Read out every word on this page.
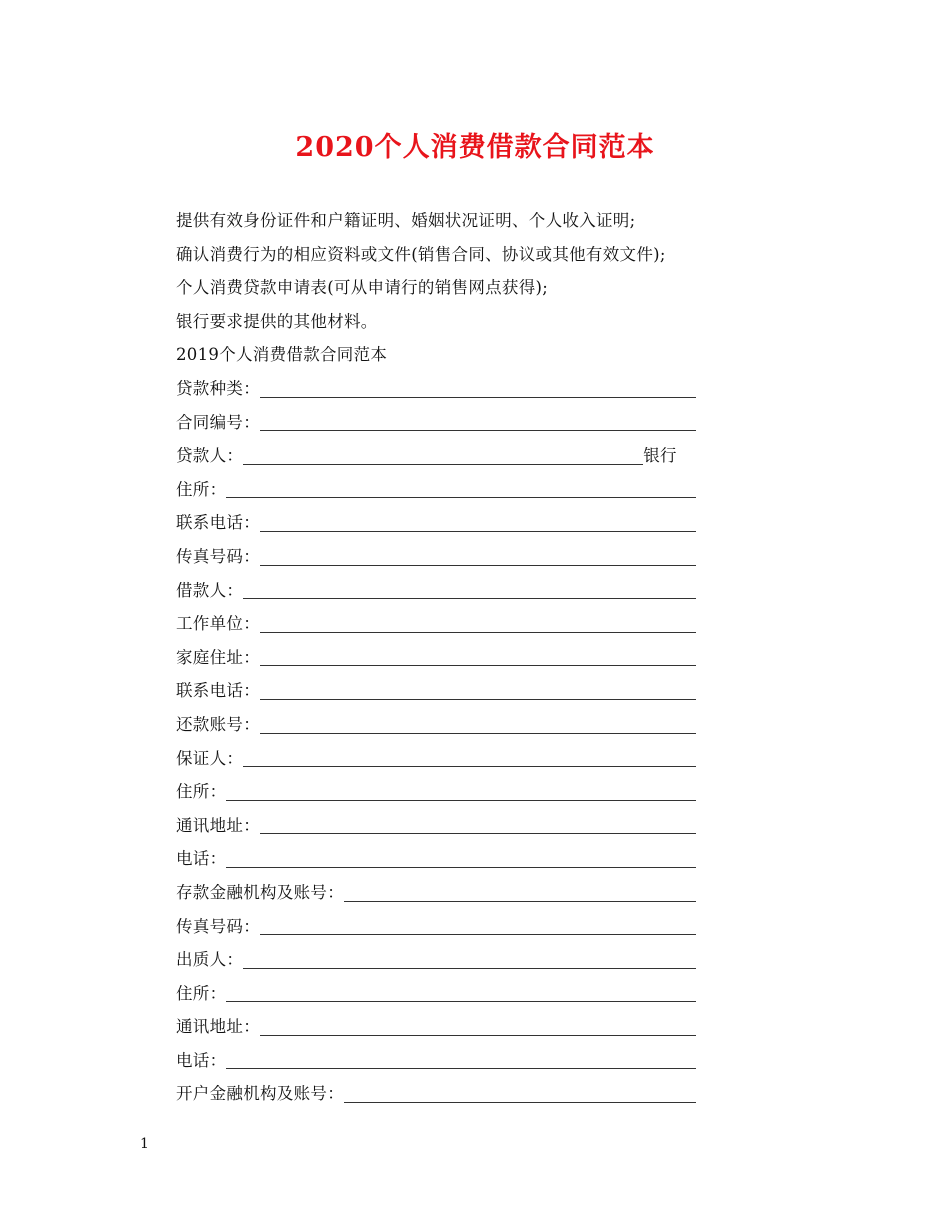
2020个人消费借款合同范本
提供有效身份证件和户籍证明、婚姻状况证明、个人收入证明;
确认消费行为的相应资料或文件(销售合同、协议或其他有效文件);
个人消费贷款申请表(可从申请行的销售网点获得);
银行要求提供的其他材料。
2019个人消费借款合同范本
贷款种类：
合同编号：
贷款人：	银行
住所：
联系电话：
传真号码：
借款人：
工作单位：
家庭住址：
联系电话：
还款账号：
保证人：
住所：
通讯地址：
电话：
存款金融机构及账号：
传真号码：
出质人：
住所：
通讯地址：
电话：
开户金融机构及账号：
1
